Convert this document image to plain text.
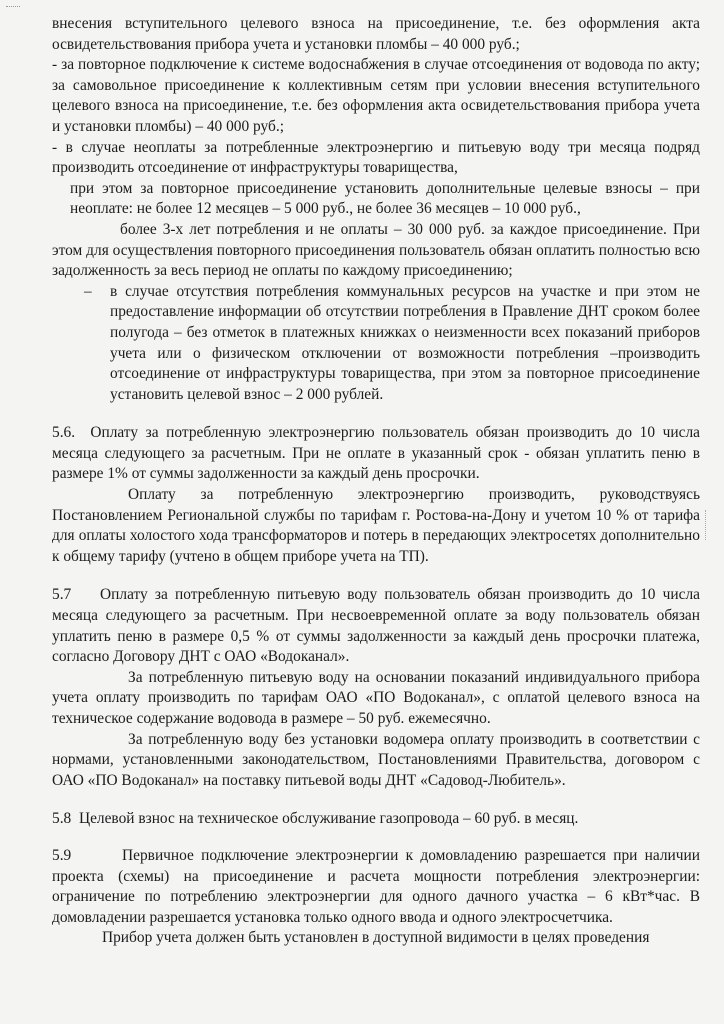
внесения вступительного целевого взноса на присоединение, т.е. без оформления акта освидетельствования прибора учета и установки пломбы – 40 000 руб.;

- за повторное подключение к системе водоснабжения в случае отсоединения от водовода по акту; за самовольное присоединение к коллективным сетям при условии внесения вступительного целевого взноса на присоединение, т.е. без оформления акта освидетельствования прибора учета и установки пломбы) – 40 000 руб.;

- в случае неоплаты за потребленные электроэнергию и питьевую воду три месяца подряд производить отсоединение от инфраструктуры товарищества,

при этом за повторное присоединение установить дополнительные целевые взносы – при неоплате: не более 12 месяцев – 5 000 руб., не более 36 месяцев – 10 000 руб.,

более 3-х лет потребления и не оплаты – 30 000 руб. за каждое присоединение. При этом для осуществления повторного присоединения пользователь обязан оплатить полностью всю задолженность за весь период не оплаты по каждому присоединению;

–	в случае отсутствия потребления коммунальных ресурсов на участке и при этом не предоставление информации об отсутствии потребления в Правление ДНТ сроком более полугода – без отметок в платежных книжках о неизменности всех показаний приборов учета или о физическом отключении от возможности потребления –производить отсоединение от инфраструктуры товарищества, при этом за повторное присоединение установить целевой взнос – 2 000 рублей.

5.6. Оплату за потребленную электроэнергию пользователь обязан производить до 10 числа месяца следующего за расчетным. При не оплате в указанный срок - обязан уплатить пеню в размере 1% от суммы задолженности за каждый день просрочки.

Оплату за потребленную электроэнергию производить, руководствуясь Постановлением Региональной службы по тарифам г. Ростова-на-Дону и учетом 10 % от тарифа для оплаты холостого хода трансформаторов и потерь в передающих электросетях дополнительно к общему тарифу (учтено в общем приборе учета на ТП).

5.7 Оплату за потребленную питьевую воду пользователь обязан производить до 10 числа месяца следующего за расчетным. При несвоевременной оплате за воду пользователь обязан уплатить пеню в размере 0,5 % от суммы задолженности за каждый день просрочки платежа, согласно Договору ДНТ с ОАО «Водоканал».

За потребленную питьевую воду на основании показаний индивидуального прибора учета оплату производить по тарифам ОАО «ПО Водоканал», с оплатой целевого взноса на техническое содержание водовода в размере – 50 руб. ежемесячно.

За потребленную воду без установки водомера оплату производить в соответствии с нормами, установленными законодательством, Постановлениями Правительства, договором с ОАО «ПО Водоканал» на поставку питьевой воды ДНТ «Садовод-Любитель».

5.8 Целевой взнос на техническое обслуживание газопровода – 60 руб. в месяц.

5.9	Первичное подключение электроэнергии к домовладению разрешается при наличии проекта (схемы) на присоединение и расчета мощности потребления электроэнергии: ограничение по потреблению электроэнергии для одного дачного участка – 6 кВт*час. В домовладении разрешается установка только одного ввода и одного электросчетчика.

Прибор учета должен быть установлен в доступной видимости в целях проведения
